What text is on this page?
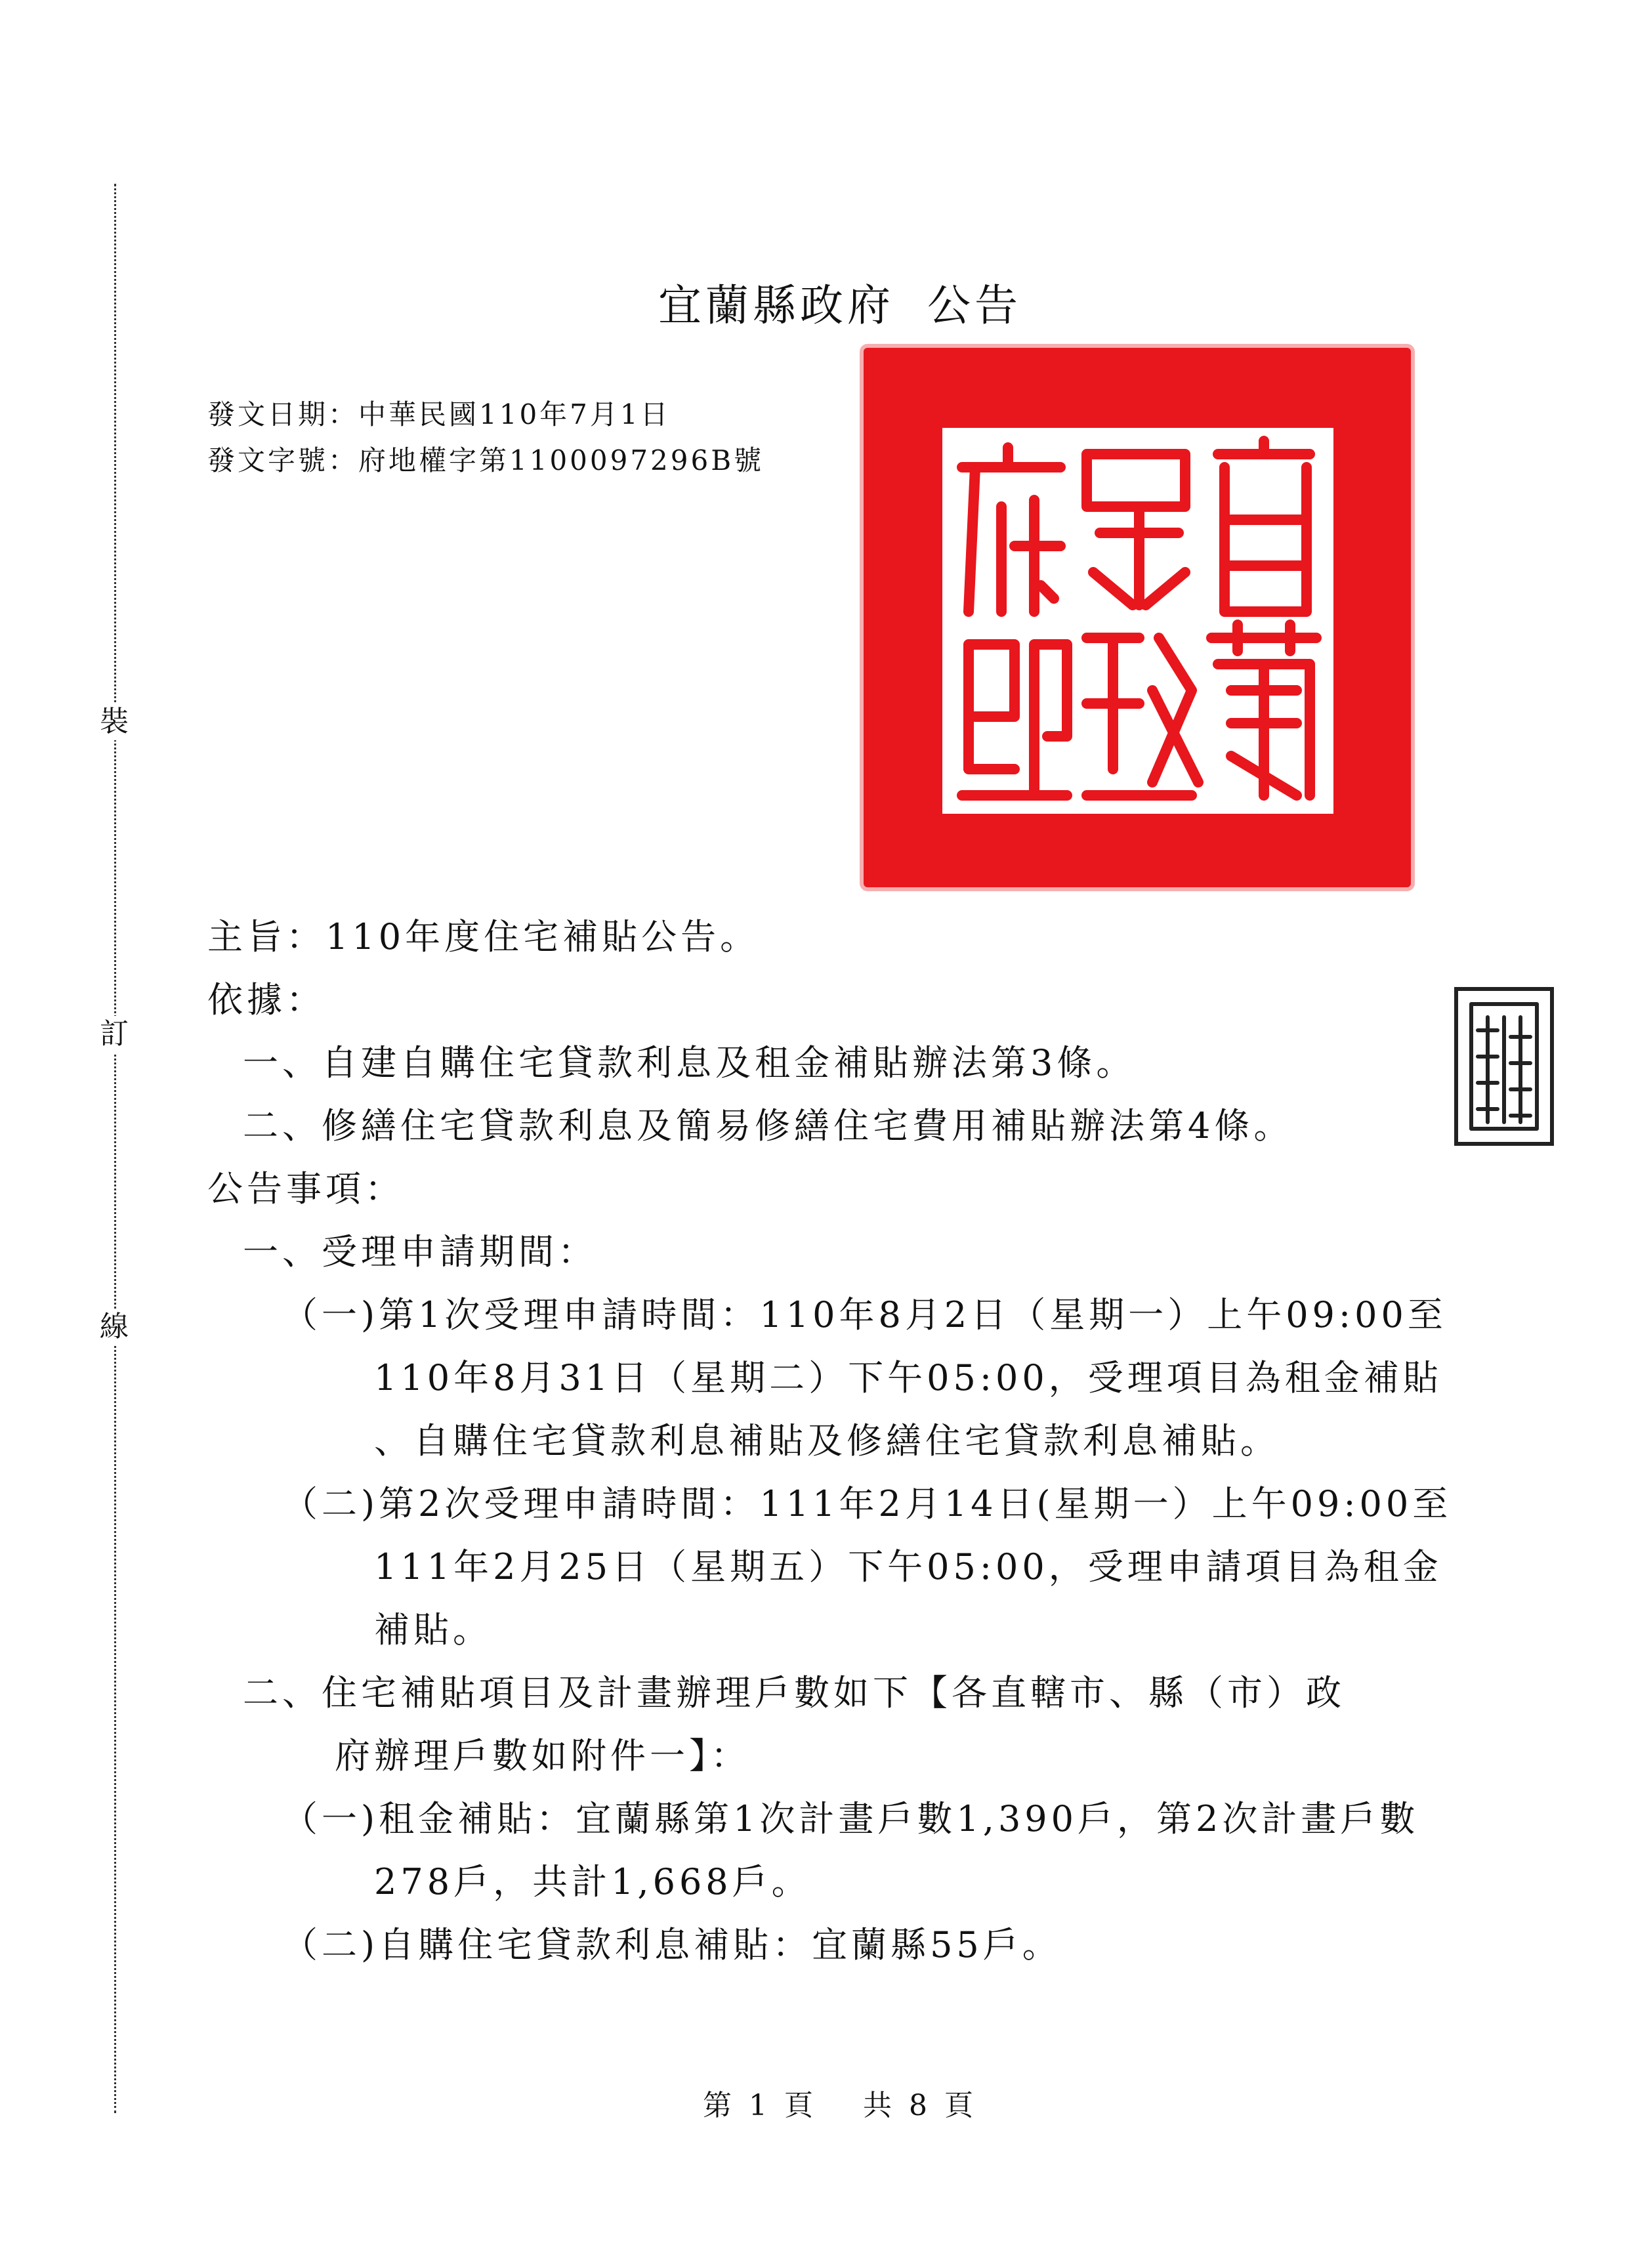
裝
訂
線
宜蘭縣政府 公告
發文日期：中華民國110年7月1日
發文字號：府地權字第1100097296B號
主旨：110年度住宅補貼公告。
依據：
一、自建自購住宅貸款利息及租金補貼辦法第3條。
二、修繕住宅貸款利息及簡易修繕住宅費用補貼辦法第4條。
公告事項：
一、受理申請期間：
（一)第1次受理申請時間：110年8月2日（星期一）上午09:00至
110年8月31日（星期二）下午05:00，受理項目為租金補貼
、自購住宅貸款利息補貼及修繕住宅貸款利息補貼。
（二)第2次受理申請時間：111年2月14日(星期一）上午09:00至
111年2月25日（星期五）下午05:00，受理申請項目為租金
補貼。
二、住宅補貼項目及計畫辦理戶數如下【各直轄市、縣（市）政
府辦理戶數如附件一】：
（一)租金補貼：宜蘭縣第1次計畫戶數1,390戶，第2次計畫戶數
278戶，共計1,668戶。
（二)自購住宅貸款利息補貼：宜蘭縣55戶。
第 1 頁 共 8 頁
